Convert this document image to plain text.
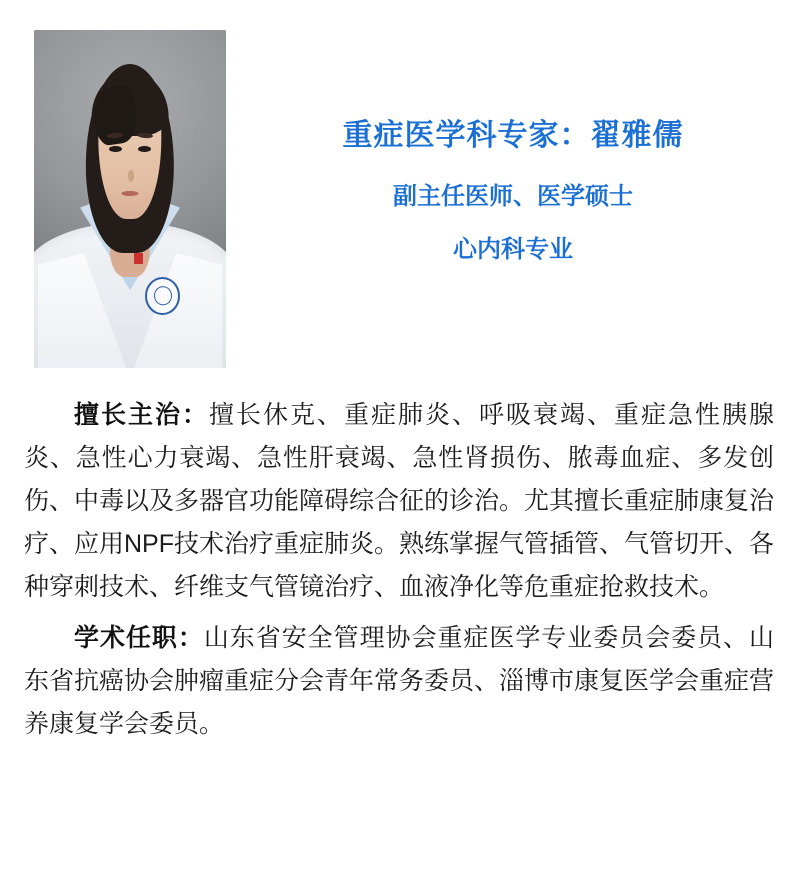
重症医学科专家：翟雅儒
副主任医师、医学硕士
心内科专业

擅长主治：擅长休克、重症肺炎、呼吸衰竭、重症急性胰腺炎、急性心力衰竭、急性肝衰竭、急性肾损伤、脓毒血症、多发创伤、中毒以及多器官功能障碍综合征的诊治。尤其擅长重症肺康复治疗、应用NPF技术治疗重症肺炎。熟练掌握气管插管、气管切开、各种穿刺技术、纤维支气管镜治疗、血液净化等危重症抢救技术。

学术任职：山东省安全管理协会重症医学专业委员会委员、山东省抗癌协会肿瘤重症分会青年常务委员、淄博市康复医学会重症营养康复学会委员。
